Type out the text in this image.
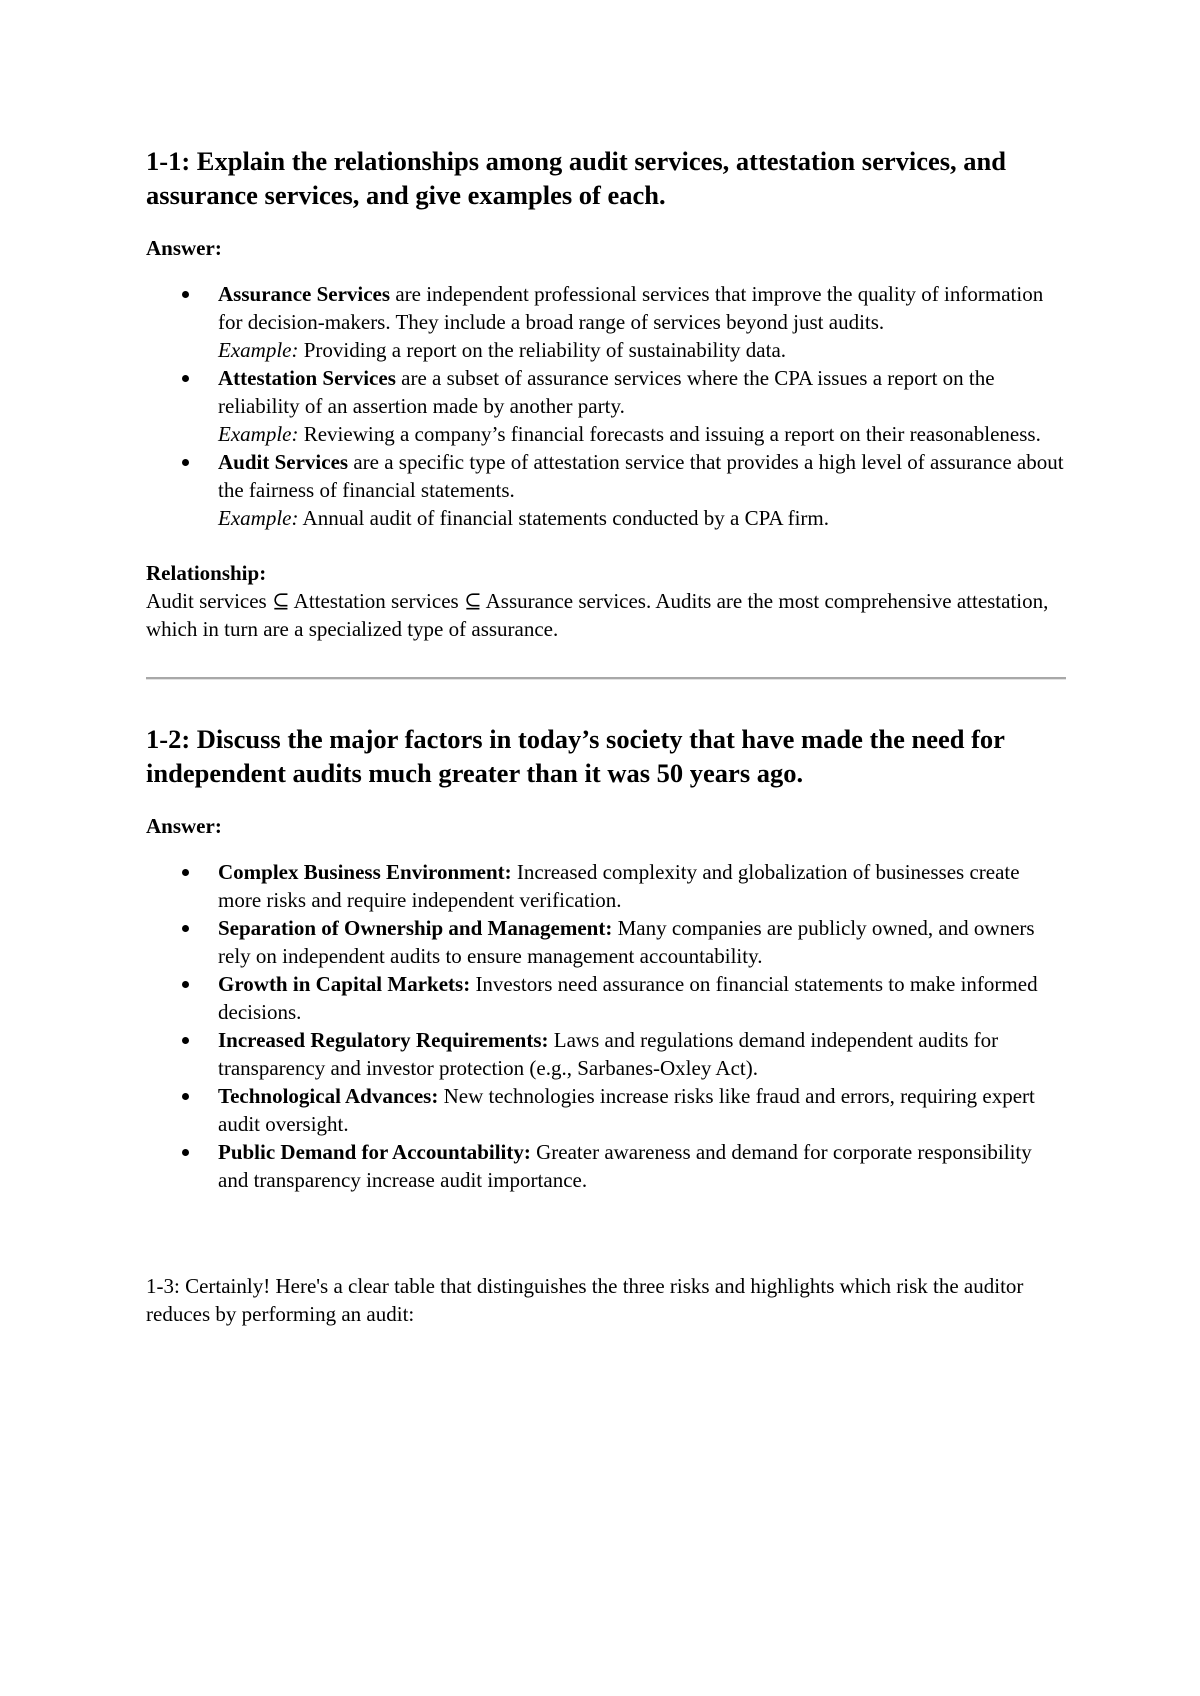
1-1: Explain the relationships among audit services, attestation services, and assurance services, and give examples of each.

Answer:

Assurance Services are independent professional services that improve the quality of information for decision-makers. They include a broad range of services beyond just audits.
Example: Providing a report on the reliability of sustainability data.
Attestation Services are a subset of assurance services where the CPA issues a report on the reliability of an assertion made by another party.
Example: Reviewing a company’s financial forecasts and issuing a report on their reasonableness.
Audit Services are a specific type of attestation service that provides a high level of assurance about the fairness of financial statements.
Example: Annual audit of financial statements conducted by a CPA firm.

Relationship:

Audit services ⊆ Attestation services ⊆ Assurance services. Audits are the most comprehensive attestation, which in turn are a specialized type of assurance.

1-2: Discuss the major factors in today’s society that have made the need for independent audits much greater than it was 50 years ago.

Answer:

Complex Business Environment: Increased complexity and globalization of businesses create more risks and require independent verification.
Separation of Ownership and Management: Many companies are publicly owned, and owners rely on independent audits to ensure management accountability.
Growth in Capital Markets: Investors need assurance on financial statements to make informed decisions.
Increased Regulatory Requirements: Laws and regulations demand independent audits for transparency and investor protection (e.g., Sarbanes-Oxley Act).
Technological Advances: New technologies increase risks like fraud and errors, requiring expert audit oversight.
Public Demand for Accountability: Greater awareness and demand for corporate responsibility and transparency increase audit importance.

1-3: Certainly! Here's a clear table that distinguishes the three risks and highlights which risk the auditor reduces by performing an audit:
